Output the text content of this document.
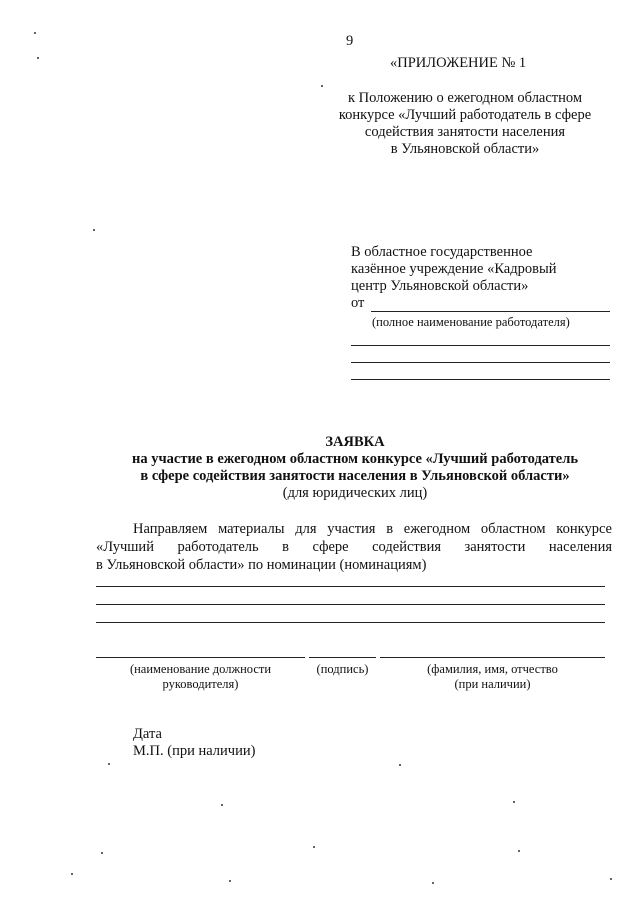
9
«ПРИЛОЖЕНИЕ № 1
к Положению о ежегодном областном
конкурсе «Лучший работодатель в сфере
содействия занятости населения
в Ульяновской области»
В областное государственное
казённое учреждение «Кадровый
центр Ульяновской области»
от
(полное наименование работодателя)
ЗАЯВКА
на участие в ежегодном областном конкурсе «Лучший работодатель
в сфере содействия занятости населения в Ульяновской области»
(для юридических лиц)
Направляем материалы для участия в ежегодном областном конкурсе
«Лучший работодатель в сфере содействия занятости населения
в Ульяновской области» по номинации (номинациям)
(наименование должности
руководителя)
(подпись)	(фамилия, имя, отчество
(при наличии)
Дата
М.П. (при наличии)
